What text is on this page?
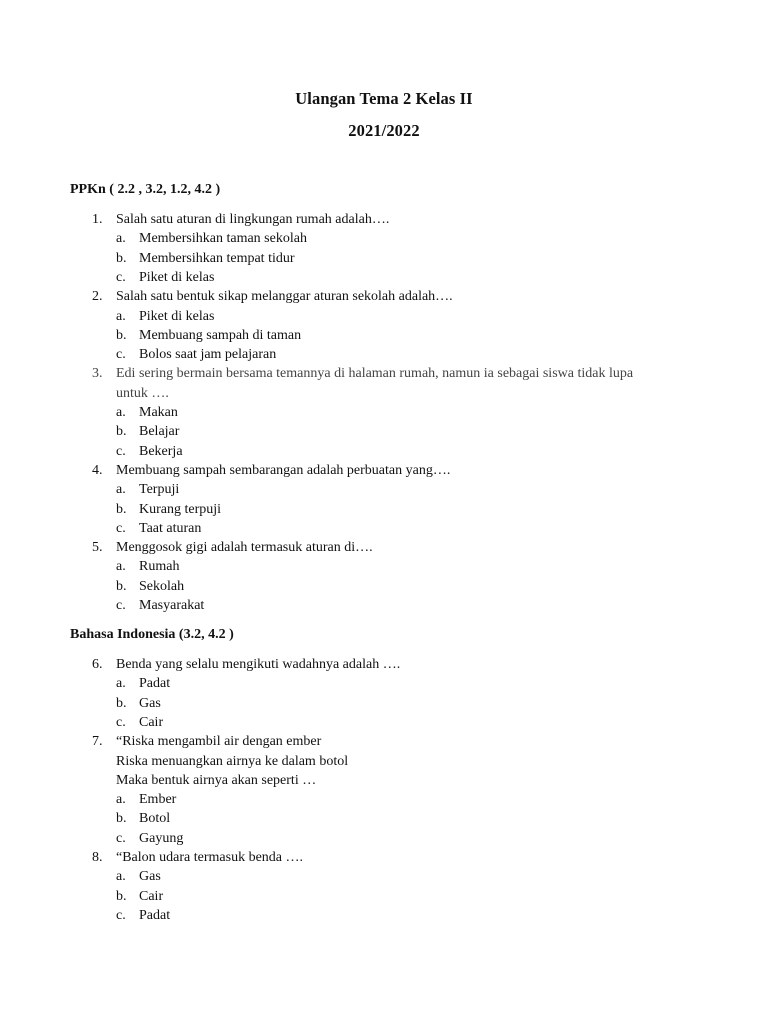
Ulangan Tema 2 Kelas II
2021/2022
PPKn ( 2.2 , 3.2, 1.2, 4.2 )
1. Salah satu aturan di lingkungan rumah adalah….
a. Membersihkan taman sekolah
b. Membersihkan tempat tidur
c. Piket di kelas
2. Salah satu bentuk sikap melanggar aturan sekolah adalah….
a. Piket di kelas
b. Membuang sampah di taman
c. Bolos saat jam pelajaran
3. Edi sering bermain bersama temannya di halaman rumah, namun ia sebagai siswa tidak lupa
untuk ….
a. Makan
b. Belajar
c. Bekerja
4. Membuang sampah sembarangan adalah perbuatan yang….
a. Terpuji
b. Kurang terpuji
c. Taat aturan
5. Menggosok gigi adalah termasuk aturan di….
a. Rumah
b. Sekolah
c. Masyarakat
Bahasa Indonesia (3.2, 4.2 )
6. Benda yang selalu mengikuti wadahnya adalah ….
a. Padat
b. Gas
c. Cair
7. “Riska mengambil air dengan ember
Riska menuangkan airnya ke dalam botol
Maka bentuk airnya akan seperti …
a. Ember
b. Botol
c. Gayung
8. “Balon udara termasuk benda ….
a. Gas
b. Cair
c. Padat
